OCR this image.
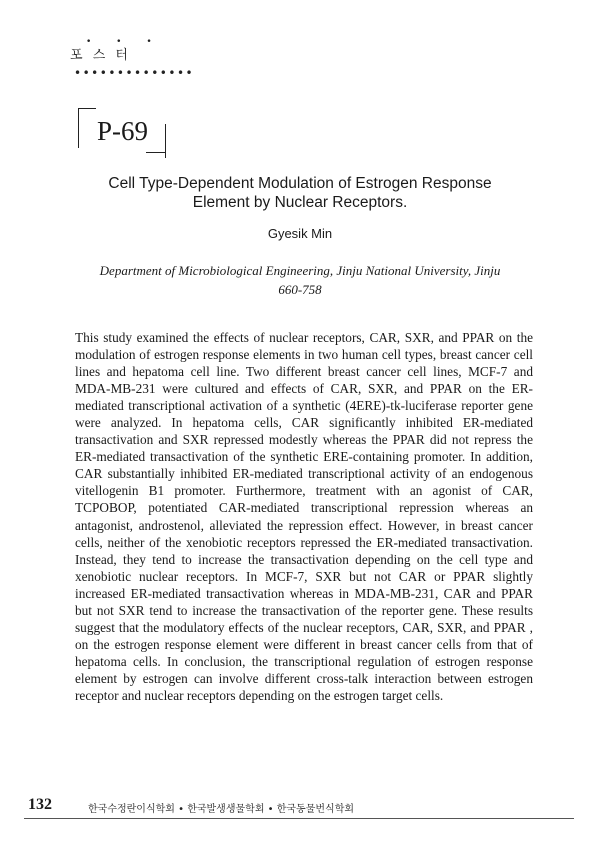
• • •
포 스 터
••••••••••••••
P-69
Cell Type-Dependent Modulation of Estrogen Response
Element by Nuclear Receptors.
Gyesik Min
Department of Microbiological Engineering, Jinju National University, Jinju
660-758

This study examined the effects of nuclear receptors, CAR, SXR, and PPAR on the modulation of estrogen response elements in two human cell types, breast cancer cell lines and hepatoma cell line. Two different breast cancer cell lines, MCF-7 and MDA-MB-231 were cultured and effects of CAR, SXR, and PPAR on the ER-mediated transcriptional activation of a synthetic (4ERE)-tk-luciferase reporter gene were analyzed. In hepatoma cells, CAR significantly inhibited ER-mediated transactivation and SXR repressed modestly whereas the PPAR did not repress the ER-mediated transactivation of the synthetic ERE-containing promoter. In addition, CAR substantially inhibited ER-mediated transcriptional activity of an endogenous vitellogenin B1 promoter. Furthermore, treatment with an agonist of CAR, TCPOBOP, potentiated CAR-mediated transcriptional repression whereas an antagonist, androstenol, alleviated the repression effect. However, in breast cancer cells, neither of the xenobiotic receptors repressed the ER-mediated transactivation. Instead, they tend to increase the transactivation depending on the cell type and xenobiotic nuclear receptors. In MCF-7, SXR but not CAR or PPAR slightly increased ER-mediated transactivation whereas in MDA-MB-231, CAR and PPAR but not SXR tend to increase the transactivation of the reporter gene. These results suggest that the modulatory effects of the nuclear receptors, CAR, SXR, and PPAR , on the estrogen response element were different in breast cancer cells from that of hepatoma cells. In conclusion, the transcriptional regulation of estrogen response element by estrogen can involve different cross-talk interaction between estrogen receptor and nuclear receptors depending on the estrogen target cells.

132	한국수정란이식학회 • 한국발생생물학회 • 한국동물번식학회
